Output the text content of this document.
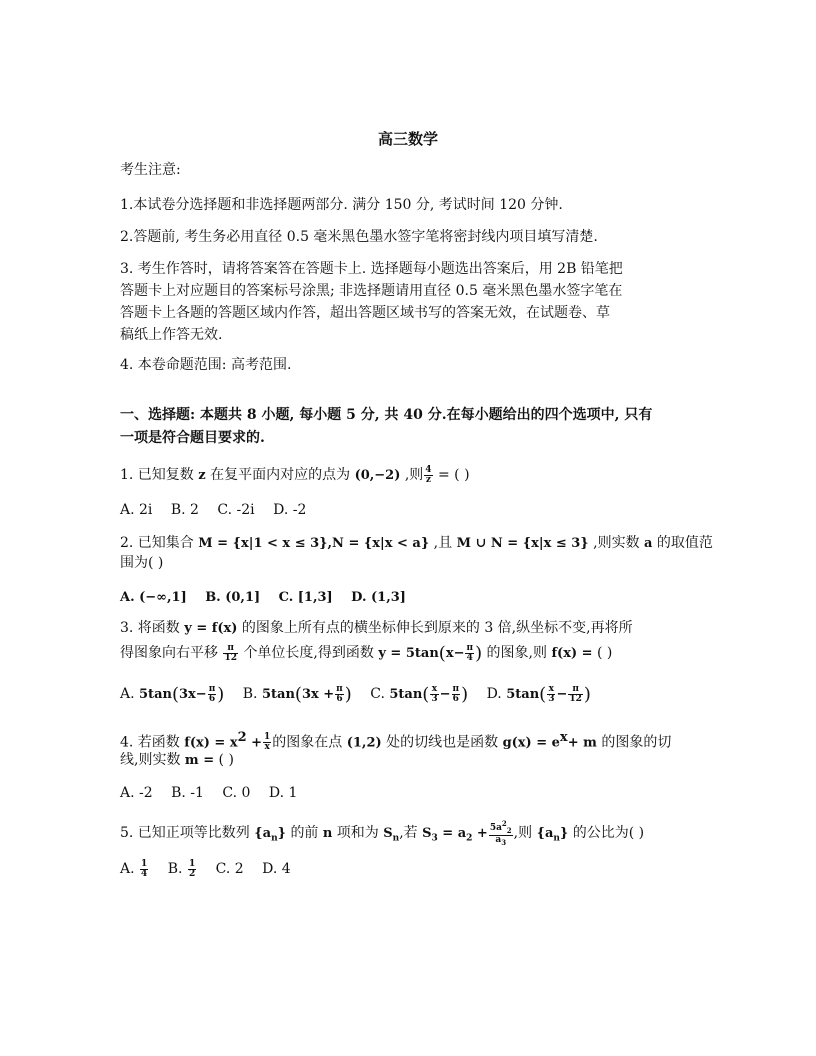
高三数学
考生注意:
1.本试卷分选择题和非选择题两部分. 满分 150 分, 考试时间 120 分钟.
2.答题前, 考生务必用直径 0.5 毫米黑色墨水签字笔将密封线内项目填写清楚.
3. 考生作答时，请将答案答在答题卡上. 选择题每小题选出答案后，用 2B 铅笔把
答题卡上对应题目的答案标号涂黑; 非选择题请用直径 0.5 毫米黑色墨水签字笔在
答题卡上各题的答题区域内作答，超出答题区域书写的答案无效，在试题卷、草
稿纸上作答无效.
4. 本卷命题范围: 高考范围.
一、选择题: 本题共 8 小题, 每小题 5 分, 共 40 分.在每小题给出的四个选项中, 只有
一项是符合题目要求的.
1. 已知复数 z 在复平面内对应的点为 (0,−2) ,则 $\frac{4}{z}$ = ( )
A. 2i B. 2 C. -2i D. -2
2. 已知集合 M = {x|1 < x ≤ 3},N = {x|x < a} ,且 M ∪ N = {x|x ≤ 3} ,则实数 a 的取值范
围为( )
A. (−∞,1] B. (0,1] C. [1,3] D. (1,3]
3. 将函数 y = f(x) 的图象上所有点的横坐标伸长到原来的 3 倍,纵坐标不变,再将所
得图象向右平移 $\frac{\pi}{12}$ 个单位长度,得到函数 $y = 5\tan(x- \frac{\pi}{4}$ ) 的图象,则 f(x) = ( )
A. $5\tan(3x- \frac{\pi}{6}$ ) B. $5\tan(3x + \frac{\pi}{6}$ ) C. $5\tan( \frac{x}{3} - \frac{\pi}{6}$ ) D. $5\tan( \frac{x}{3} - \frac{\pi}{12}$ )
4. 若函数 $f(x) = x^2 + \frac{1}{x}$ 的图象在点 (1,2) 处的切线也是函数 $g(x) = e^x+ m$ 的图象的切
线,则实数 m = ( )
A. -2 B. -1 C. 0 D. 1
5. 已知正项等比数列 $\{a_n\}$ 的前 n 项和为 $S_n$,若 $S_3 = a_2 + \frac{5a^2_2}{a_3}$ ,则 $\{a_n\}$ 的公比为( )
A. $\frac{1}{4} B$. $\frac{1}{2} C$. 2 D. 4
